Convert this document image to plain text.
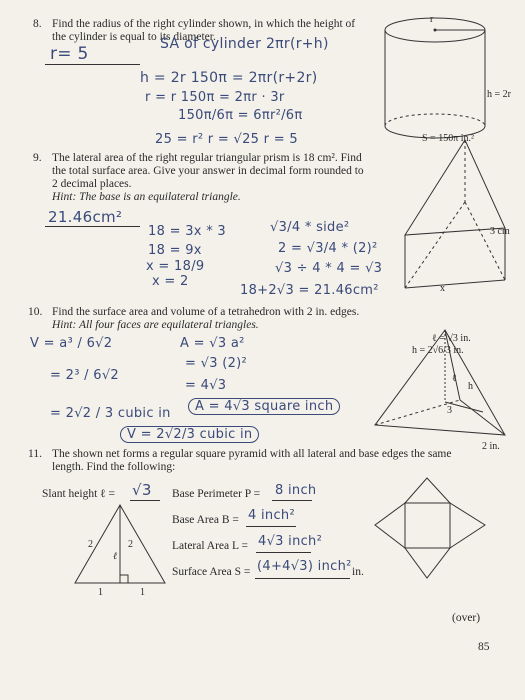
8. Find the radius of the right cylinder shown, in which the height of
the cylinder is equal to its diameter.
r= 5	SA of cylinder 2πr(r+h)
h = 2r 150π = 2πr(r+2r)
r = r 150π = 2πr · 3r
150π/6π = 6πr²/6π
25 = r² r = √25 r = 5
r
h = 2r
S = 150π in.²
9. The lateral area of the right regular triangular prism is 18 cm². Find
the total surface area. Give your answer in decimal form rounded to
2 decimal places.
Hint: The base is an equilateral triangle.
21.46cm²
18 = 3x * 3
18 = 9x
x = 18/9
x = 2
√3/4 * side²
2 = √3/4 * (2)²
√3 ÷ 4 * 4 = √3
18+2√3 = 21.46cm²
3 cm
x
10. Find the surface area and volume of a tetrahedron with 2 in. edges.
Hint: All four faces are equilateral triangles.
V = a³ / 6√2
= 2³ / 6√2
= 2√2 / 3 cubic in
A = √3 a²
= √3 (2)²
= 4√3
A = 4√3 square inch
V = 2√2/3 cubic in
ℓ = √3 in.
h = 2√6/3 in.
h
ℓ
3
2 in.
11. The shown net forms a regular square pyramid with all lateral and base edges the same
length. Find the following:
Slant height ℓ = √3 Base Perimeter P = 8 inch
Base Area B = 4 inch²
Lateral Area L = 4√3 inch²
Surface Area S = (4+4√3) inch² in.
2	2
ℓ
1	1
(over)
85
